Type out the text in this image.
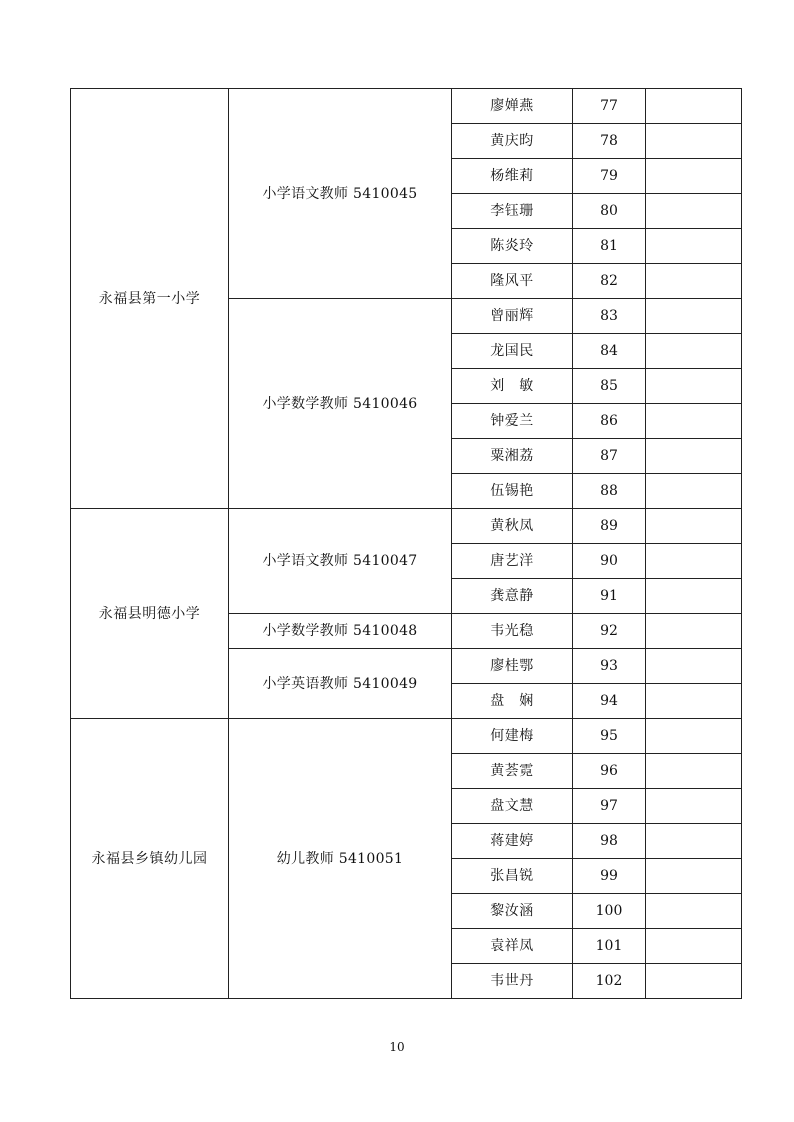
永福县第一小学	小学语文教师 5410045	廖婵燕	77	
		黄庆昀	78	
		杨维莉	79	
		李钰珊	80	
		陈炎玲	81	
		隆风平	82	
	小学数学教师 5410046	曾丽辉	83	
		龙国民	84	
		刘　敏	85	
		钟爱兰	86	
		粟湘荔	87	
		伍锡艳	88	
永福县明德小学	小学语文教师 5410047	黄秋凤	89	
		唐艺洋	90	
		龚意静	91	
	小学数学教师 5410048	韦光稳	92	
	小学英语教师 5410049	廖桂鄂	93	
		盘　娴	94	
永福县乡镇幼儿园	幼儿教师 5410051	何建梅	95	
		黄荟霓	96	
		盘文慧	97	
		蒋建婷	98	
		张昌锐	99	
		黎汝涵	100	
		袁祥凤	101	
		韦世丹	102	
10
